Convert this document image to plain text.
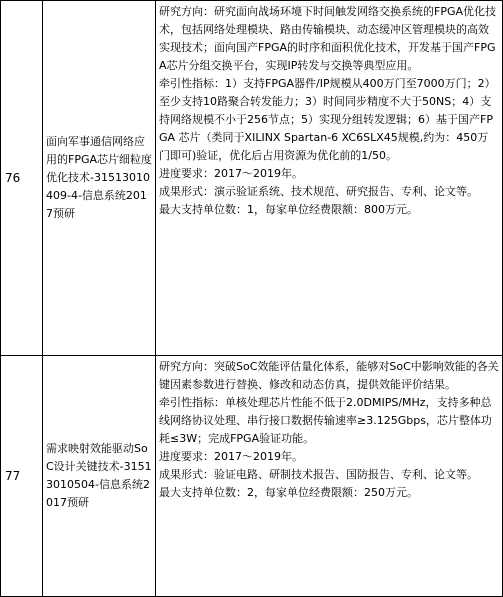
76
面向军事通信网络应用的FPGA芯片细粒度优化技术-31513010409-4-信息系统2017预研

研究方向：研究面向战场环境下时间触发网络交换系统的FPGA优化技术，包括网络处理模块、路由传输模块、动态缓冲区管理模块的高效实现技术；面向国产FPGA的时序和面积优化技术，开发基于国产FPGA芯片分组交换平台，实现IP转发与交换等典型应用。

牵引性指标：1）支持FPGA器件/IP规模从400万门至7000万门；2）至少支持10路聚合转发能力；3）时间同步精度不大于50NS；4）支持网络规模不小于256节点；5）实现分组转发逻辑；6）基于国产FPGA 芯片（类同于XILINX Spartan-6 XC6SLX45规模,约为：450万门即可)验证，优化后占用资源为优化前的1/50。

进度要求：2017～2019年。

成果形式：演示验证系统、技术规范、研究报告、专利、论文等。

最大支持单位数：1，每家单位经费限额：800万元。

77
需求映射效能驱动SoC设计关键技术-31513010504-信息系统2017预研

研究方向：突破SoC效能评估量化体系，能够对SoC中影响效能的各关键因素参数进行替换、修改和动态仿真，提供效能评价结果。

牵引性指标：单核处理芯片性能不低于2.0DMIPS/MHz，支持多种总线网络协议处理、串行接口数据传输速率≥3.125Gbps，芯片整体功耗≤3W；完成FPGA验证功能。

进度要求：2017～2019年。

成果形式：验证电路、研制技术报告、国防报告、专利、论文等。

最大支持单位数：2，每家单位经费限额：250万元。
